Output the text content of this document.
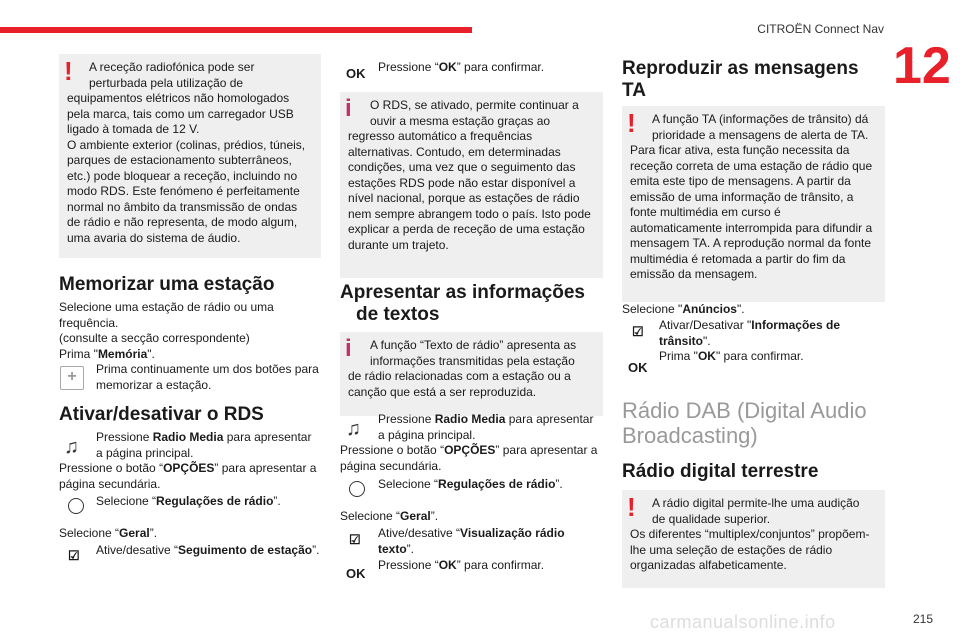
CITROËN Connect Nav
12
!	A receção radiofónica pode ser
perturbada pela utilização de
equipamentos elétricos não homologados
pela marca, tais como um carregador USB
ligado à tomada de 12 V.
O ambiente exterior (colinas, prédios, túneis,
parques de estacionamento subterrâneos,
etc.) pode bloquear a receção, incluindo no
modo RDS. Este fenómeno é perfeitamente
normal no âmbito da transmissão de ondas
de rádio e não representa, de modo algum,
uma avaria do sistema de áudio.
Memorizar uma estação
Selecione uma estação de rádio ou uma
frequência.
(consulte a secção correspondente)
Prima "Memória".
+	Prima continuamente um dos botões para
memorizar a estação.
Ativar/desativar o RDS
♫ Pressione Radio Media para apresentar
a página principal.
Pressione o botão “OPÇÕES” para apresentar a
página secundária.
Selecione “Regulações de rádio”.
Selecione “Geral”.
☑ Ative/desative “Seguimento de estação”.
OK Pressione “OK” para confirmar.
i	O RDS, se ativado, permite continuar a
ouvir a mesma estação graças ao
regresso automático a frequências
alternativas. Contudo, em determinadas
condições, uma vez que o seguimento das
estações RDS pode não estar disponível a
nível nacional, porque as estações de rádio
nem sempre abrangem todo o país. Isto pode
explicar a perda de receção de uma estação
durante um trajeto.
Apresentar as informações
de textos
i	A função “Texto de rádio” apresenta as
informações transmitidas pela estação
de rádio relacionadas com a estação ou a
canção que está a ser reproduzida.
♫ Pressione Radio Media para apresentar
a página principal.
Pressione o botão “OPÇÕES” para apresentar a
página secundária.
Selecione “Regulações de rádio”.
Selecione “Geral”.
☑ Ative/desative “Visualização rádio
texto”.
OK
Pressione “OK” para confirmar.
Reproduzir as mensagens
TA
!	A função TA (informações de trânsito) dá
prioridade a mensagens de alerta de TA.
Para ficar ativa, esta função necessita da
receção correta de uma estação de rádio que
emita este tipo de mensagens. A partir da
emissão de uma informação de trânsito, a
fonte multimédia em curso é
automaticamente interrompida para difundir a
mensagem TA. A reprodução normal da fonte
multimédia é retomada a partir do fim da
emissão da mensagem.
Selecione "Anúncios".
☑ Ativar/Desativar "Informações de
trânsito".
OK
Prima "OK" para confirmar.
Rádio DAB (Digital Audio
Broadcasting)
Rádio digital terrestre
!	A rádio digital permite-lhe uma audição
de qualidade superior.
Os diferentes “multiplex/conjuntos” propõem-
lhe uma seleção de estações de rádio
organizadas alfabeticamente.
carmanualsonline.info	215
